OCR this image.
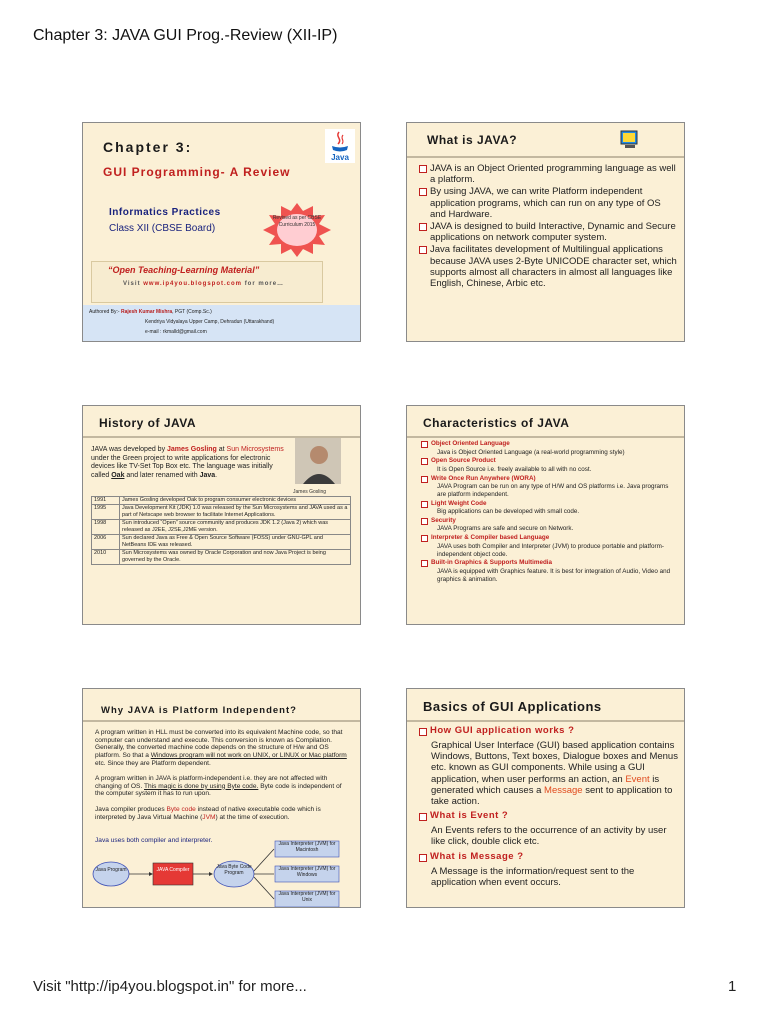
Chapter 3: JAVA GUI Prog.-Review (XII-IP)
Chapter 3:
GUI Programming- A Review
Java
Informatics Practices
Class XII (CBSE Board)
Revised as per CBSE Curriculum 2015
“Open Teaching-Learning Material”
Visit www.ip4you.blogspot.com for more…
Authored By:- Rajesh Kumar Mishra, PGT (Comp.Sc.)
Kendriya Vidyalaya Upper Camp, Dehradun (Uttarakhand)
e-mail : rkmalld@gmail.com
What is JAVA?
JAVA is an Object Oriented programming language as well a platform.
By using JAVA, we can write Platform independent application programs, which can run on any type of OS and Hardware.
JAVA is designed to build Interactive, Dynamic and Secure applications on network computer system.
Java facilitates development of Multilingual applications because JAVA uses 2-Byte UNICODE character set, which supports almost all characters in almost all languages like English, Chinese, Arbic etc.
History of JAVA
JAVA was developed by James Gosling at Sun Microsystems under the Green project to write applications for electronic devices like TV-Set Top Box etc. The language was initially called Oak and later renamed with Java.
James Gosling
1991	James Gosling developed Oak to program consumer electronic devices
1995	Java Development Kit (JDK) 1.0 was released by the Sun Microsystems and JAVA used as a part of Netscape web browser to facilitate Internet Applications.
1998	Sun introduced “Open” source community and produces JDK 1.2 (Java 2) which was released as J2EE, J2SE,J2ME version.
2006	Sun declared Java as Free & Open Source Software (FOSS) under GNU-GPL and NetBeans IDE was released.
2010	Sun Microsystems was owned by Oracle Corporation and now Java Project is being governed by the Oracle.
Characteristics of JAVA
Object Oriented Language
Java is Object Oriented Language (a real-world programming style)
Open Source Product
It is Open Source i.e. freely available to all with no cost.
Write Once Run Anywhere (WORA)
JAVA Program can be run on any type of H/W and OS platforms i.e. Java programs are platform independent.
Light Weight Code
Big applications can be developed with small code.
Security
JAVA Programs are safe and secure on Network.
Interpreter & Compiler based Language
JAVA uses both Compiler and Interpreter (JVM) to produce portable and platform-independent object code.
Built-in Graphics & Supports Multimedia
JAVA is equipped with Graphics feature. It is best for integration of Audio, Video and graphics & animation.
Why JAVA is Platform Independent?
A program written in HLL must be converted into its equivalent Machine code, so that computer can understand and execute. This conversion is known as Compilation. Generally, the converted machine code depends on the structure of H/w and OS platform. So that a Windows program will not work on UNIX, or LINUX or Mac platform etc. Since they are Platform dependent.
A program written in JAVA is platform-independent i.e. they are not affected with changing of OS. This magic is done by using Byte code. Byte code is independent of the computer system it has to run upon.
Java compiler produces Byte code instead of native executable code which is interpreted by Java Virtual Machine (JVM) at the time of execution.
Java uses both compiler and interpreter.
Java Program	JAVA Compiler	Java Byte Code Program
Java Interpreter (JVM) for Macintosh
Java Interpreter (JVM) for Windows
Java Interpreter (JVM) for Unix
Basics of GUI Applications
How GUI application works ?
Graphical User Interface (GUI) based application contains Windows, Buttons, Text boxes, Dialogue boxes and Menus etc. known as GUI components. While using a GUI application, when user performs an action, an Event is generated which causes a Message sent to application to take action.
What is Event ?
An Events refers to the occurrence of an activity by user like click, double click etc.
What is Message ?
A Message is the information/request sent to the application when event occurs.
Visit "http://ip4you.blogspot.in" for more...	1
